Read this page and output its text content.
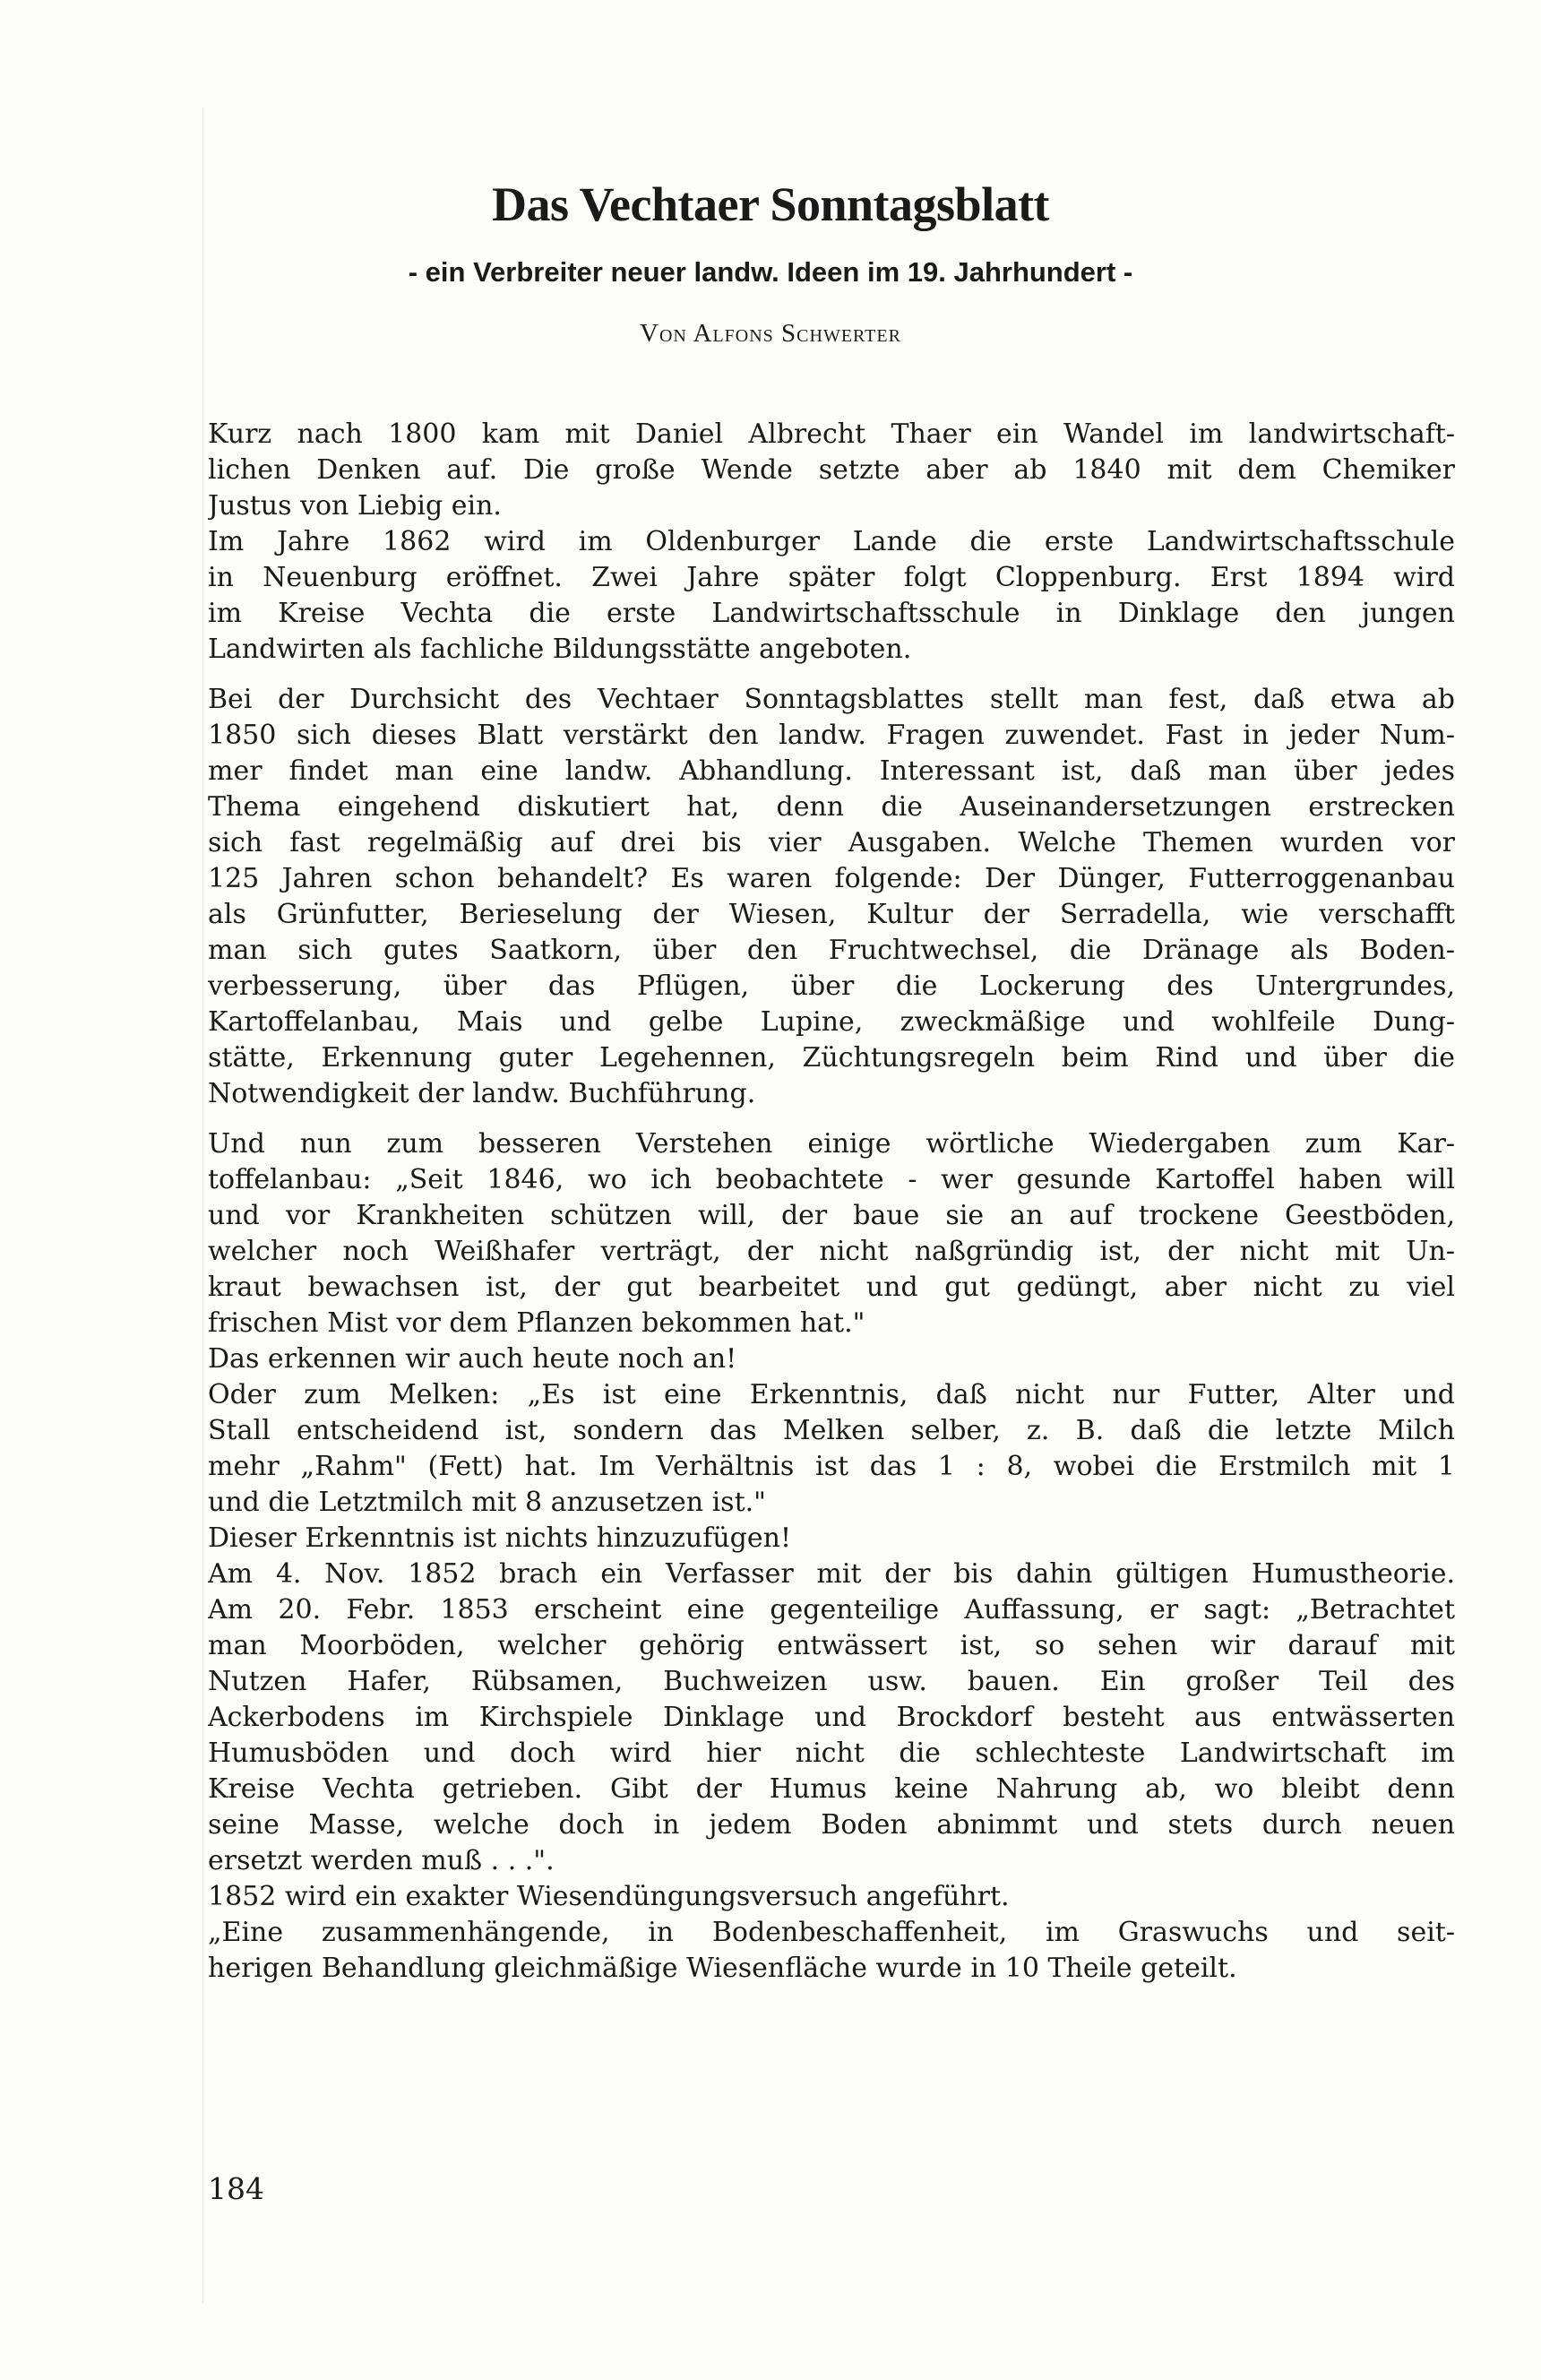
Das Vechtaer Sonntagsblatt

- ein Verbreiter neuer landw. Ideen im 19. Jahrhundert -

Von Alfons Schwerter

Kurz nach 1800 kam mit Daniel Albrecht Thaer ein Wandel im landwirtschaft-
lichen Denken auf. Die große Wende setzte aber ab 1840 mit dem Chemiker
Justus von Liebig ein.
Im Jahre 1862 wird im Oldenburger Lande die erste Landwirtschaftsschule
in Neuenburg eröffnet. Zwei Jahre später folgt Cloppenburg. Erst 1894 wird
im Kreise Vechta die erste Landwirtschaftsschule in Dinklage den jungen
Landwirten als fachliche Bildungsstätte angeboten.
Bei der Durchsicht des Vechtaer Sonntagsblattes stellt man fest, daß etwa ab
1850 sich dieses Blatt verstärkt den landw. Fragen zuwendet. Fast in jeder Num-
mer findet man eine landw. Abhandlung. Interessant ist, daß man über jedes
Thema eingehend diskutiert hat, denn die Auseinandersetzungen erstrecken
sich fast regelmäßig auf drei bis vier Ausgaben. Welche Themen wurden vor
125 Jahren schon behandelt? Es waren folgende: Der Dünger, Futterroggenanbau
als Grünfutter, Berieselung der Wiesen, Kultur der Serradella, wie verschafft
man sich gutes Saatkorn, über den Fruchtwechsel, die Dränage als Boden-
verbesserung, über das Pflügen, über die Lockerung des Untergrundes,
Kartoffelanbau, Mais und gelbe Lupine, zweckmäßige und wohlfeile Dung-
stätte, Erkennung guter Legehennen, Züchtungsregeln beim Rind und über die
Notwendigkeit der landw. Buchführung.
Und nun zum besseren Verstehen einige wörtliche Wiedergaben zum Kar-
toffelanbau: „Seit 1846, wo ich beobachtete - wer gesunde Kartoffel haben will
und vor Krankheiten schützen will, der baue sie an auf trockene Geestböden,
welcher noch Weißhafer verträgt, der nicht naßgründig ist, der nicht mit Un-
kraut bewachsen ist, der gut bearbeitet und gut gedüngt, aber nicht zu viel
frischen Mist vor dem Pflanzen bekommen hat."
Das erkennen wir auch heute noch an!
Oder zum Melken: „Es ist eine Erkenntnis, daß nicht nur Futter, Alter und
Stall entscheidend ist, sondern das Melken selber, z. B. daß die letzte Milch
mehr „Rahm" (Fett) hat. Im Verhältnis ist das 1 : 8, wobei die Erstmilch mit 1
und die Letztmilch mit 8 anzusetzen ist."
Dieser Erkenntnis ist nichts hinzuzufügen!
Am 4. Nov. 1852 brach ein Verfasser mit der bis dahin gültigen Humustheorie.
Am 20. Febr. 1853 erscheint eine gegenteilige Auffassung, er sagt: „Betrachtet
man Moorböden, welcher gehörig entwässert ist, so sehen wir darauf mit
Nutzen Hafer, Rübsamen, Buchweizen usw. bauen. Ein großer Teil des
Ackerbodens im Kirchspiele Dinklage und Brockdorf besteht aus entwässerten
Humusböden und doch wird hier nicht die schlechteste Landwirtschaft im
Kreise Vechta getrieben. Gibt der Humus keine Nahrung ab, wo bleibt denn
seine Masse, welche doch in jedem Boden abnimmt und stets durch neuen
ersetzt werden muß . . .".
1852 wird ein exakter Wiesendüngungsversuch angeführt.
„Eine zusammenhängende, in Bodenbeschaffenheit, im Graswuchs und seit-
herigen Behandlung gleichmäßige Wiesenfläche wurde in 10 Theile geteilt.

184
